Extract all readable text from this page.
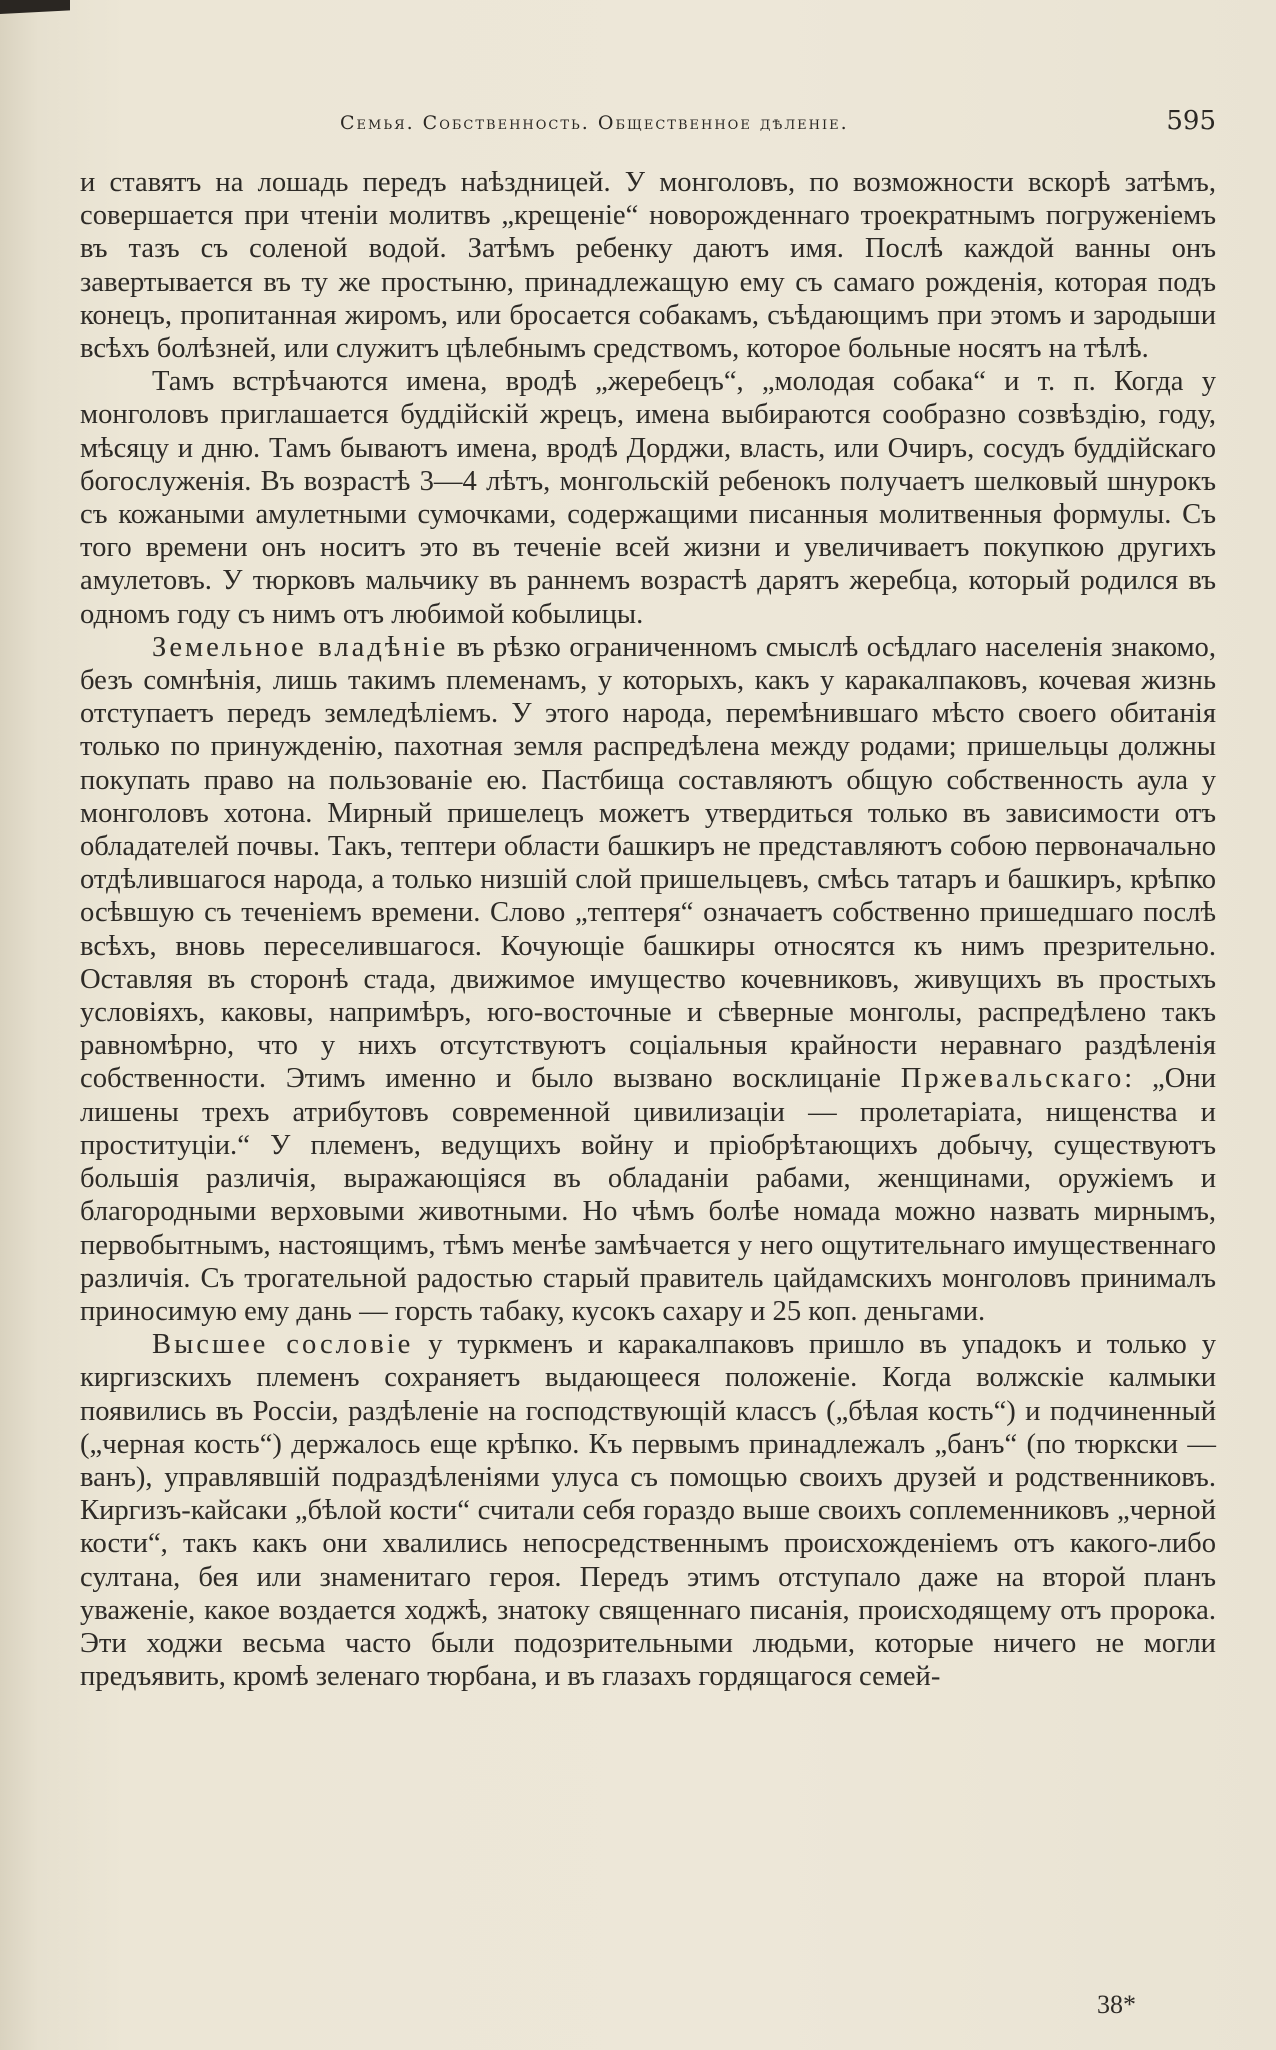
Семья. Собственность. Общественное дѣленіе.	595

и ставятъ на лошадь передъ наѣздницей. У монголовъ, по возможности вскорѣ затѣмъ, совершается при чтеніи молитвъ „крещеніе“ новорожденнаго троекратнымъ погруженіемъ въ тазъ съ соленой водой. Затѣмъ ребенку даютъ имя. Послѣ каждой ванны онъ завертывается въ ту же простыню, принадлежащую ему съ самаго рожденія, которая подъ конецъ, пропитанная жиромъ, или бросается собакамъ, съѣдающимъ при этомъ и зародыши всѣхъ болѣзней, или служитъ цѣлебнымъ средствомъ, которое больные носятъ на тѣлѣ.

Тамъ встрѣчаются имена, вродѣ „жеребецъ“, „молодая собака“ и т. п. Когда у монголовъ приглашается буддійскій жрецъ, имена выбираются сообразно созвѣздію, году, мѣсяцу и дню. Тамъ бываютъ имена, вродѣ Дорджи, власть, или Очиръ, сосудъ буддійскаго богослуженія. Въ возрастѣ 3—4 лѣтъ, монгольскій ребенокъ получаетъ шелковый шнурокъ съ кожаными амулетными сумочками, содержащими писанныя молитвенныя формулы. Съ того времени онъ носитъ это въ теченіе всей жизни и увеличиваетъ покупкою другихъ амулетовъ. У тюрковъ мальчику въ раннемъ возрастѣ дарятъ жеребца, который родился въ одномъ году съ нимъ отъ любимой кобылицы.

Земельное владѣніе въ рѣзко ограниченномъ смыслѣ осѣдлаго населенія знакомо, безъ сомнѣнія, лишь такимъ племенамъ, у которыхъ, какъ у каракалпаковъ, кочевая жизнь отступаетъ передъ земледѣліемъ. У этого народа, перемѣнившаго мѣсто своего обитанія только по принужденію, пахотная земля распредѣлена между родами; пришельцы должны покупать право на пользованіе ею. Пастбища составляютъ общую собственность аула у монголовъ хотона. Мирный пришелецъ можетъ утвердиться только въ зависимости отъ обладателей почвы. Такъ, тептери области башкиръ не представляютъ собою первоначально отдѣлившагося народа, а только низшій слой пришельцевъ, смѣсь татаръ и башкиръ, крѣпко осѣвшую съ теченіемъ времени. Слово „тептеря“ означаетъ собственно пришедшаго послѣ всѣхъ, вновь переселившагося. Кочующіе башкиры относятся къ нимъ презрительно. Оставляя въ сторонѣ стада, движимое имущество кочевниковъ, живущихъ въ простыхъ условіяхъ, каковы, напримѣръ, юго-восточные и сѣверные монголы, распредѣлено такъ равномѣрно, что у нихъ отсутствуютъ соціальныя крайности неравнаго раздѣленія собственности. Этимъ именно и было вызвано восклицаніе Пржевальскаго: „Они лишены трехъ атрибутовъ современной цивилизаціи — пролетаріата, нищенства и проституціи.“ У племенъ, ведущихъ войну и пріобрѣтающихъ добычу, существуютъ большія различія, выражающіяся въ обладаніи рабами, женщинами, оружіемъ и благородными верховыми животными. Но чѣмъ болѣе номада можно назвать мирнымъ, первобытнымъ, настоящимъ, тѣмъ менѣе замѣчается у него ощутительнаго имущественнаго различія. Съ трогательной радостью старый правитель цайдамскихъ монголовъ принималъ приносимую ему дань — горсть табаку, кусокъ сахару и 25 коп. деньгами.

Высшее сословіе у туркменъ и каракалпаковъ пришло въ упадокъ и только у киргизскихъ племенъ сохраняетъ выдающееся положеніе. Когда волжскіе калмыки появились въ Россіи, раздѣленіе на господствующій классъ („бѣлая кость“) и подчиненный („черная кость“) держалось еще крѣпко. Къ первымъ принадлежалъ „банъ“ (по тюркски — ванъ), управлявшій подраздѣленіями улуса съ помощью своихъ друзей и родственниковъ. Киргизъ-кайсаки „бѣлой кости“ считали себя гораздо выше своихъ соплеменниковъ „черной кости“, такъ какъ они хвалились непосредственнымъ происхожденіемъ отъ какого-либо султана, бея или знаменитаго героя. Передъ этимъ отступало даже на второй планъ уваженіе, какое воздается ходжѣ, знатоку священнаго писанія, происходящему отъ пророка. Эти ходжи весьма часто были подозрительными людьми, которые ничего не могли предъявить, кромѣ зеленаго тюрбана, и въ глазахъ гордящагося семей-

38*
